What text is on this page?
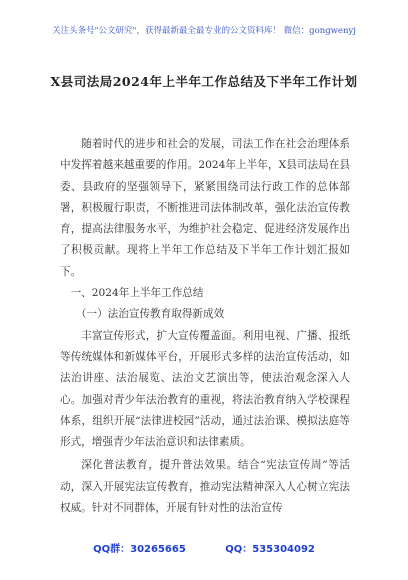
关注头条号"公文研究"，获得最新最全最专业的公文资料库！ 微信：gongwenyj
X县司法局2024年上半年工作总结及下半年工作计划

随着时代的进步和社会的发展，司法工作在社会治理体系中发挥着越来越重要的作用。2024年上半年，X县司法局在县委、县政府的坚强领导下，紧紧围绕司法行政工作的总体部署，积极履行职责，不断推进司法体制改革，强化法治宣传教育，提高法律服务水平，为维护社会稳定、促进经济发展作出了积极贡献。现将上半年工作总结及下半年工作计划汇报如下。

一、2024年上半年工作总结

（一）法治宣传教育取得新成效

丰富宣传形式，扩大宣传覆盖面。利用电视、广播、报纸等传统媒体和新媒体平台，开展形式多样的法治宣传活动，如法治讲座、法治展览、法治文艺演出等，使法治观念深入人心。加强对青少年法治教育的重视，将法治教育纳入学校课程体系，组织开展“法律进校园”活动，通过法治课、模拟法庭等形式，增强青少年法治意识和法律素质。

深化普法教育，提升普法效果。结合“宪法宣传周”等活动，深入开展宪法宣传教育，推动宪法精神深入人心树立宪法权威。针对不同群体，开展有针对性的法治宣传

QQ群：30265665	QQ：535304092
